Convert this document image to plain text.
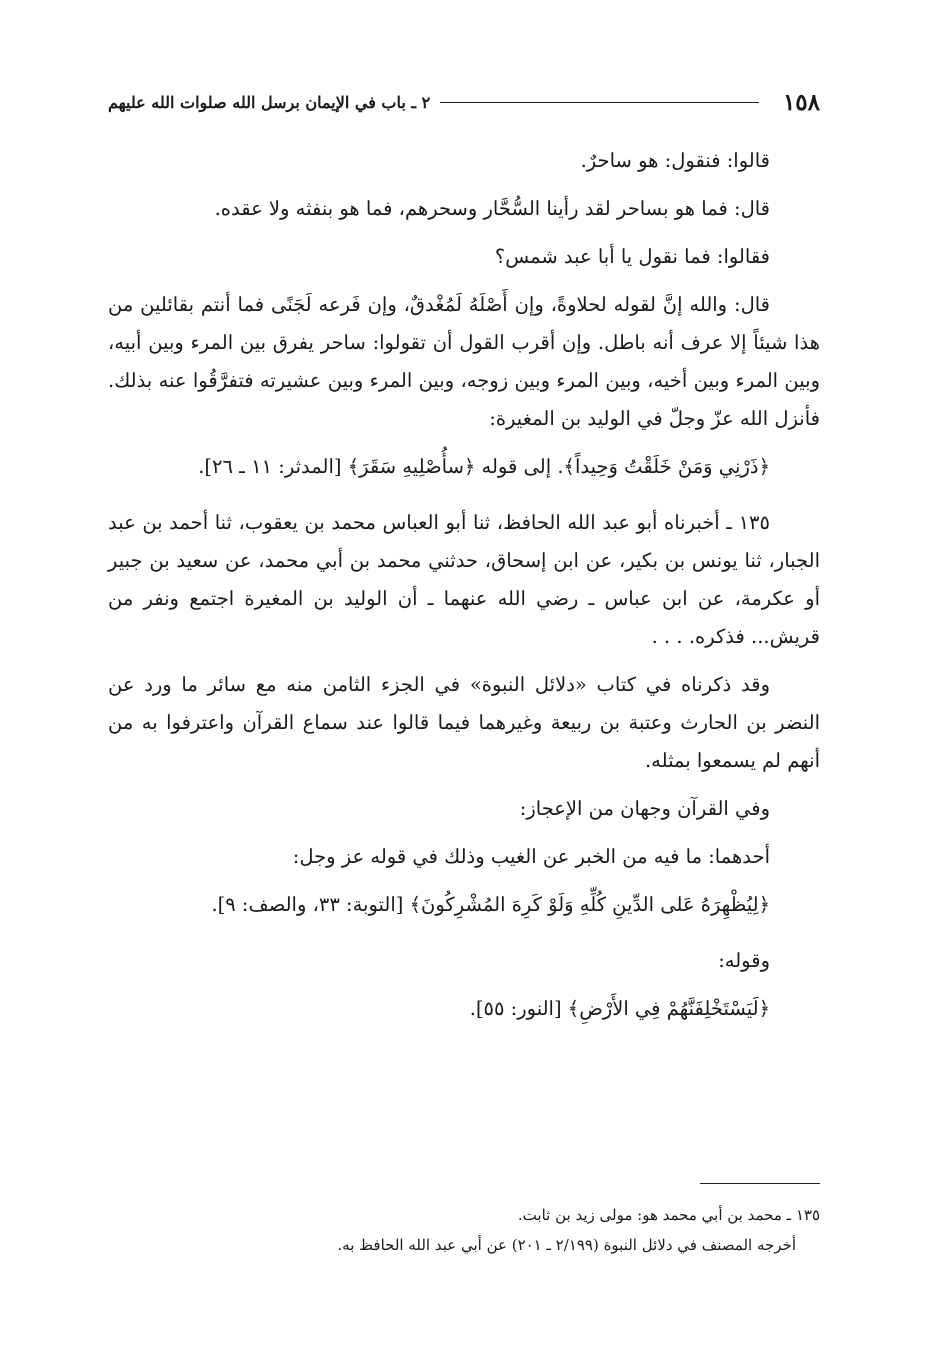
١٥٨
٢ ـ باب في الإيمان برسل الله صلوات الله عليهم

قالوا: فنقول: هو ساحرٌ.

قال: فما هو بساحر لقد رأينا السُّحَّار وسحرهم، فما هو بنفثه ولا عقده.

فقالوا: فما نقول يا أبا عبد شمس؟

قال: والله إنَّ لقوله لحلاوةً، وإن أَصْلَهُ لَمُغْدقٌ، وإن فَرعه لَجَنًى فما أنتم بقائلين من هذا شيئاً إلا عرف أنه باطل. وإن أقرب القول أن تقولوا: ساحر يفرق بين المرء وبين أبيه، وبين المرء وبين أخيه، وبين المرء وبين زوجه، وبين المرء وبين عشيرته فتفرَّقُوا عنه بذلك. فأنزل الله عزّ وجلّ في الوليد بن المغيرة:

﴿ذَرْنِي وَمَنْ خَلَقْتُ وَحِيداً﴾. إلى قوله ﴿سأُصْلِيهِ سَقَرَ﴾ [المدثر: ١١ ـ ٢٦].

١٣٥ ـ أخبرناه أبو عبد الله الحافظ، ثنا أبو العباس محمد بن يعقوب، ثنا أحمد بن عبد الجبار، ثنا يونس بن بكير، عن ابن إسحاق، حدثني محمد بن أبي محمد، عن سعيد بن جبير أو عكرمة، عن ابن عباس ـ رضي الله عنهما ـ أن الوليد بن المغيرة اجتمع ونفر من قريش... فذكره. . . .

وقد ذكرناه في كتاب «دلائل النبوة» في الجزء الثامن منه مع سائر ما ورد عن النضر بن الحارث وعتبة بن ربيعة وغيرهما فيما قالوا عند سماع القرآن واعترفوا به من أنهم لم يسمعوا بمثله.

وفي القرآن وجهان من الإعجاز:

أحدهما: ما فيه من الخبر عن الغيب وذلك في قوله عز وجل:

﴿لِيُظْهِرَهُ عَلى الدِّينِ كُلِّهِ وَلَوْ كَرِهَ المُشْرِكُونَ﴾ [التوبة: ٣٣، والصف: ٩].

وقوله:

﴿لَيَسْتَخْلِفَنَّهُمْ فِي الأَرْضِ﴾ [النور: ٥٥].

١٣٥ ـ محمد بن أبي محمد هو: مولى زيد بن ثابت.

أخرجه المصنف في دلائل النبوة (٢/١٩٩ ـ ٢٠١) عن أبي عبد الله الحافظ به.
